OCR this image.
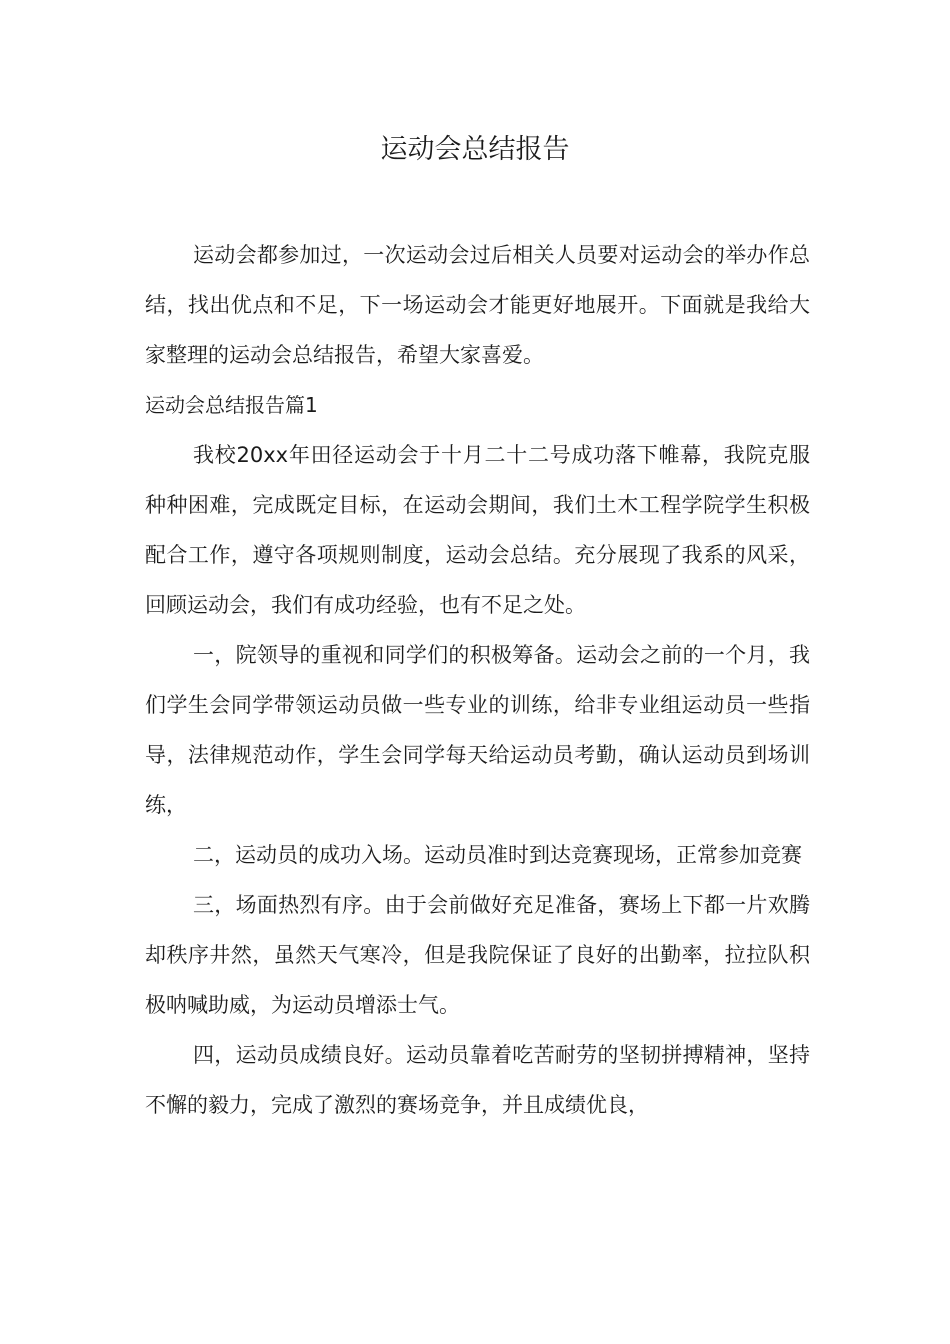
运动会总结报告

运动会都参加过，一次运动会过后相关人员要对运动会的举办作总结，找出优点和不足，下一场运动会才能更好地展开。下面就是我给大家整理的运动会总结报告，希望大家喜爱。

运动会总结报告篇1

我校20xx年田径运动会于十月二十二号成功落下帷幕，我院克服种种困难，完成既定目标，在运动会期间，我们土木工程学院学生积极配合工作，遵守各项规则制度，运动会总结。充分展现了我系的风采，回顾运动会，我们有成功经验，也有不足之处。

一，院领导的重视和同学们的积极筹备。运动会之前的一个月，我们学生会同学带领运动员做一些专业的训练，给非专业组运动员一些指导，法律规范动作，学生会同学每天给运动员考勤，确认运动员到场训练，

二，运动员的成功入场。运动员准时到达竞赛现场，正常参加竞赛

三，场面热烈有序。由于会前做好充足准备，赛场上下都一片欢腾却秩序井然，虽然天气寒冷，但是我院保证了良好的出勤率，拉拉队积极呐喊助威，为运动员增添士气。

四，运动员成绩良好。运动员靠着吃苦耐劳的坚韧拼搏精神，坚持不懈的毅力，完成了激烈的赛场竞争，并且成绩优良，
